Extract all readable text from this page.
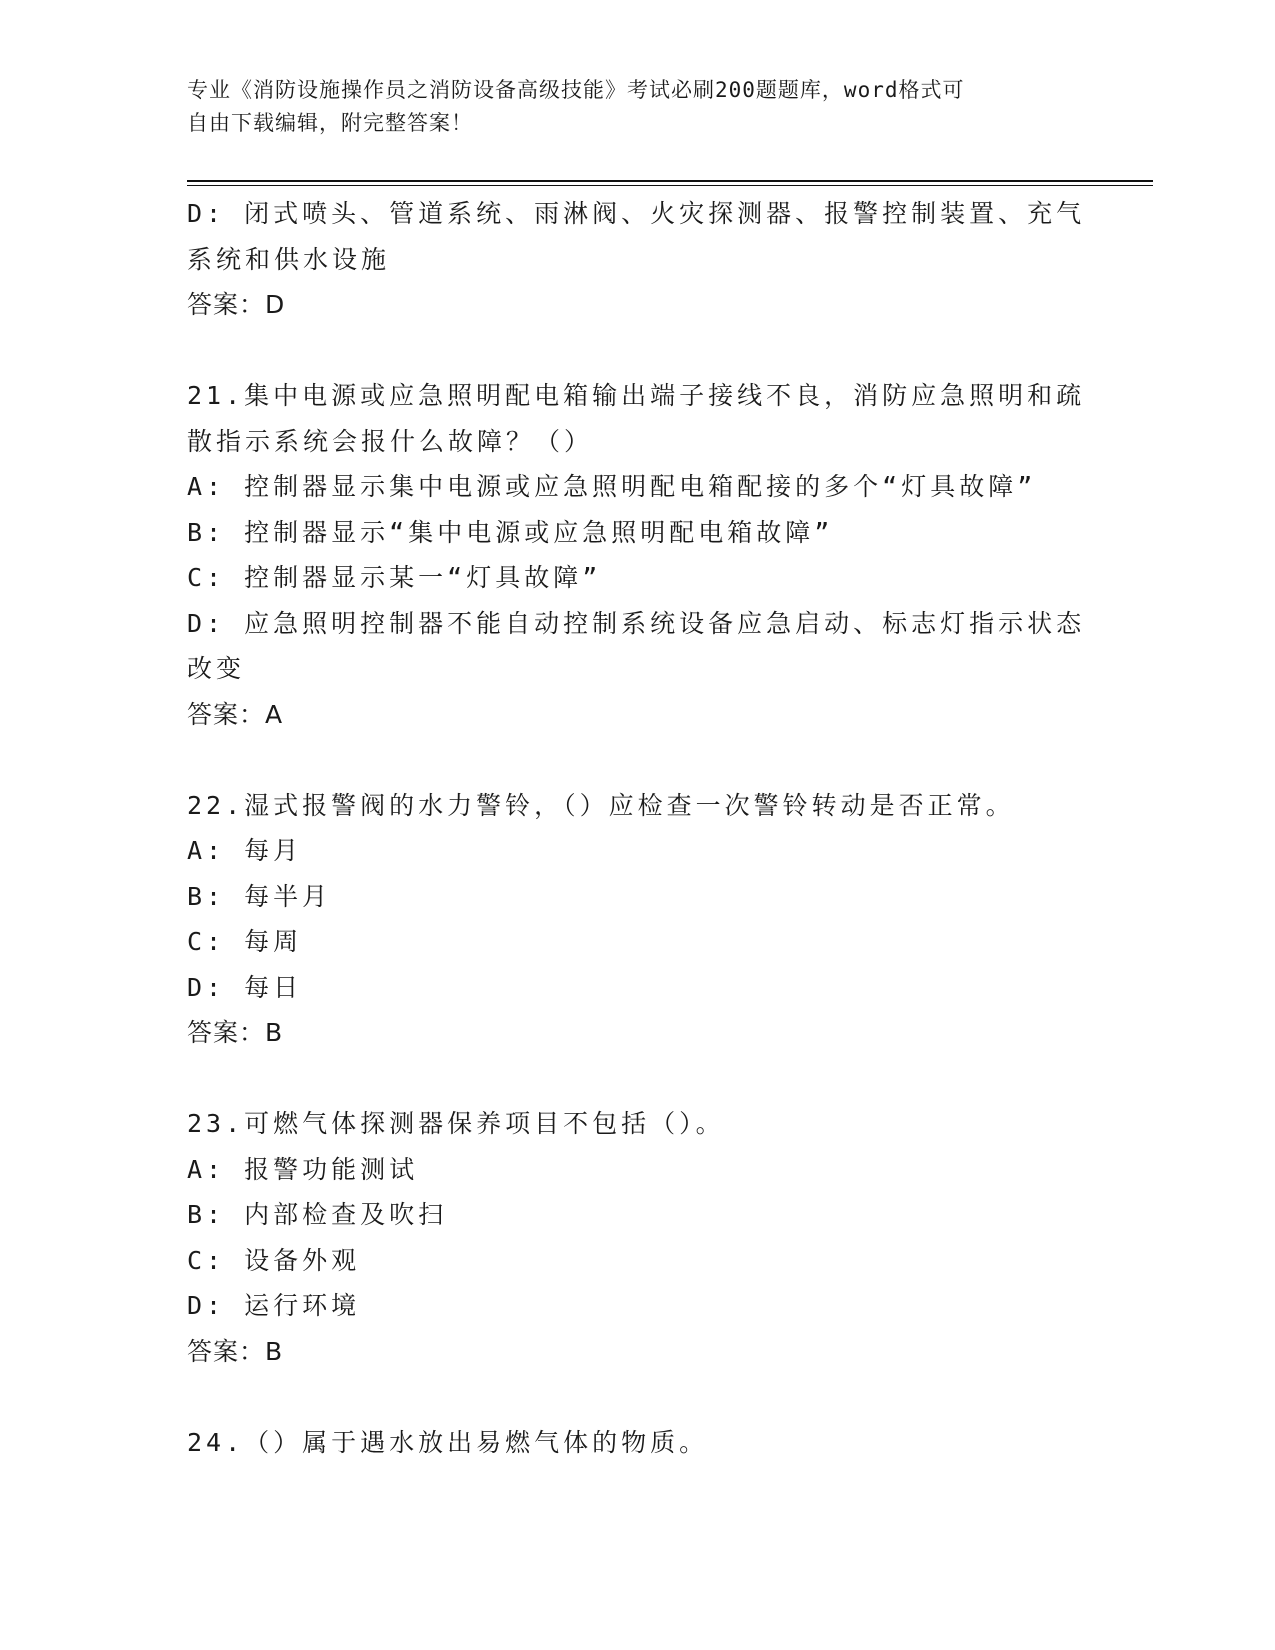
专业《消防设施操作员之消防设备高级技能》考试必刷200题题库，word格式可
自由下载编辑，附完整答案！
D: 闭式喷头、管道系统、雨淋阀、火灾探测器、报警控制装置、充气
系统和供水设施
答案：D
21.集中电源或应急照明配电箱输出端子接线不良，消防应急照明和疏
散指示系统会报什么故障？（）
A: 控制器显示集中电源或应急照明配电箱配接的多个“灯具故障”
B: 控制器显示“集中电源或应急照明配电箱故障”
C: 控制器显示某一“灯具故障”
D: 应急照明控制器不能自动控制系统设备应急启动、标志灯指示状态
改变
答案：A
22.湿式报警阀的水力警铃，（）应检查一次警铃转动是否正常。
A: 每月
B: 每半月
C: 每周
D: 每日
答案：B
23.可燃气体探测器保养项目不包括（）。
A: 报警功能测试
B: 内部检查及吹扫
C: 设备外观
D: 运行环境
答案：B
24.（）属于遇水放出易燃气体的物质。
